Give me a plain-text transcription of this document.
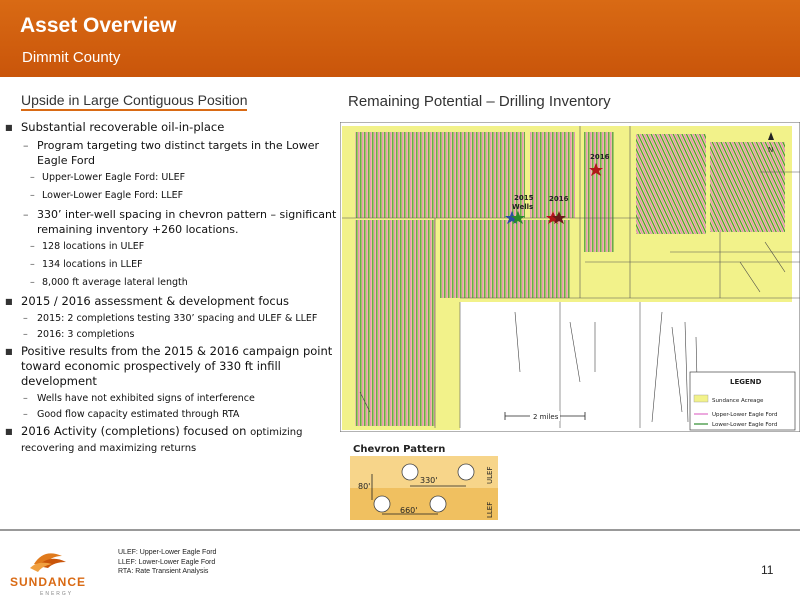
Asset Overview
Dimmit County
Upside in Large Contiguous Position	Remaining Potential – Drilling Inventory
■ Substantial recoverable oil-in-place
– Program targeting two distinct targets in the Lower Eagle Ford
– Upper-Lower Eagle Ford: ULEF
– Lower-Lower Eagle Ford: LLEF
– 330’ inter-well spacing in chevron pattern – significant remaining inventory +260 locations.
– 128 locations in ULEF
– 134 locations in LLEF
– 8,000 ft average lateral length
■ 2015 / 2016 assessment & development focus
– 2015: 2 completions testing 330’ spacing and ULEF & LLEF
– 2016: 3 completions
■ Positive results from the 2015 & 2016 campaign point toward economic prospectively of 330 ft infill development
– Wells have not exhibited signs of interference
– Good flow capacity estimated through RTA
■ 2016 Activity (completions) focused on optimizing recovering and maximizing returns
2016
2015
Wells
2016
N
2 miles
LEGEND
Sundance Acreage
Upper-Lower Eagle Ford
Lower-Lower Eagle Ford
Chevron Pattern
80'
330'
660'
ULEF
LLEF
SUNDANCE
ENERGY
ULEF: Upper-Lower Eagle Ford
LLEF: Lower-Lower Eagle Ford
RTA: Rate Transient Analysis	11
